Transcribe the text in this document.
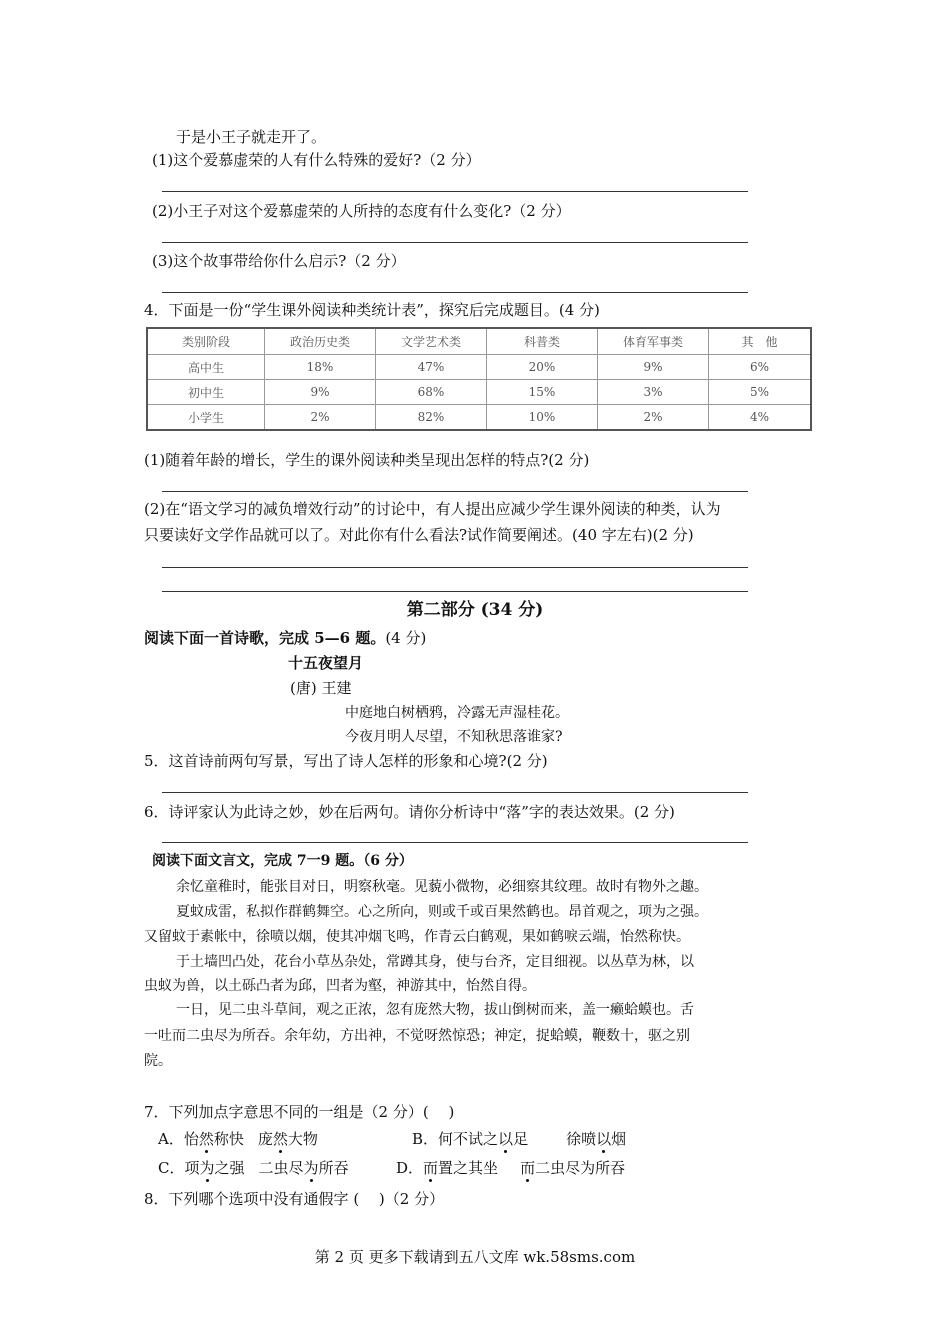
于是小王子就走开了。
(1)这个爱慕虚荣的人有什么特殊的爱好?（2 分）
(2)小王子对这个爱慕虚荣的人所持的态度有什么变化?（2 分）
(3)这个故事带给你什么启示?（2 分）
4．下面是一份“学生课外阅读种类统计表”，探究后完成题目。(4 分)
类别阶段	政治历史类	文学艺术类	科普类	体育军事类	其　他
高中生	18%	47%	20%	9%	6%
初中生	9%	68%	15%	3%	5%
小学生	2%	82%	10%	2%	4%
(1)随着年龄的增长，学生的课外阅读种类呈现出怎样的特点?(2 分)
(2)在“语文学习的减负增效行动”的讨论中，有人提出应减少学生课外阅读的种类，认为
只要读好文学作品就可以了。对此你有什么看法?试作简要阐述。(40 字左右)(2 分)
第二部分 (34 分)
阅读下面一首诗歌，完成 5—6 题。(4 分)
十五夜望月
(唐) 王建
中庭地白树栖鸦，冷露无声湿桂花。
今夜月明人尽望，不知秋思落谁家?
5．这首诗前两句写景，写出了诗人怎样的形象和心境?(2 分)
6．诗评家认为此诗之妙，妙在后两句。请你分析诗中“落”字的表达效果。(2 分)
阅读下面文言文，完成 7一9 题。（6 分）
余忆童稚时，能张目对日，明察秋毫。见藐小微物，必细察其纹理。故时有物外之趣。
夏蚊成雷，私拟作群鹤舞空。心之所向，则或千或百果然鹤也。昂首观之，项为之强。
又留蚊于素帐中，徐喷以烟，使其冲烟飞鸣，作青云白鹤观，果如鹤唳云端，怡然称快。
于土墙凹凸处，花台小草丛杂处，常蹲其身，使与台齐，定目细视。以丛草为林，以
虫蚁为兽，以土砾凸者为邱，凹者为壑，神游其中，怡然自得。
一日，见二虫斗草间，观之正浓，忽有庞然大物，拔山倒树而来，盖一癞蛤蟆也。舌
一吐而二虫尽为所吞。余年幼，方出神，不觉呀然惊恐；神定，捉蛤蟆，鞭数十，驱之别
院。
7．下列加点字意思不同的一组是（2 分）(　 )
A．怡然称快 庞然大物	B．何不试之以足	徐喷以烟
C．项为之强 二虫尽为所吞	D．而置之其坐 而二虫尽为所吞
8．下列哪个选项中没有通假字 (　 )（2 分）
第 2 页 更多下载请到五八文库 wk.58sms.com
